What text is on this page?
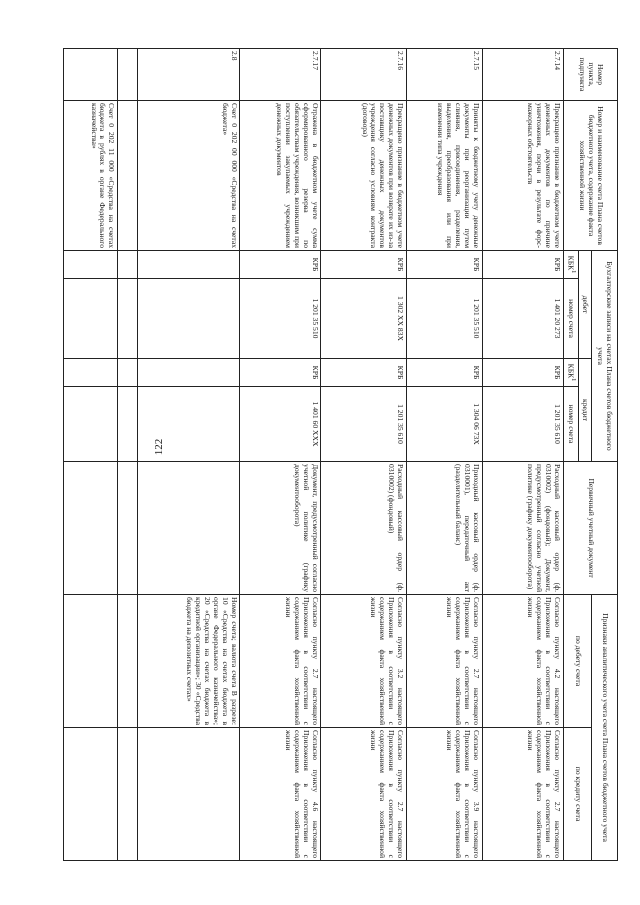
122
Номер пункта, подпункта	Номер и наименование счета Плана счетов бюджетного учета, содержание факта хозяйственной жизни	Бухгалтерские записи на счетах Плана счетов бюджетного учета				Первичный учетный документ	Признаки аналитического учета счета Плана счетов бюджетного учета	
		дебет		кредит			по дебету счета	по кредиту счета
		КБК$^1$	номер счета	КБК$^1$	номер счета			
2.7.14	Прекращено признание в бюджетном учете денежных документов по причине уничтожения, порчи в результате форс-мажорных обстоятельств	КРБ	1 401 20 273	КРБ	1 201 35 610	Расходный кассовый ордер (ф. 0310002) (фондовый); Документ, предусмотренный согласно учетной политике (графику документооборота)	Согласно пункту 4.2 настоящего Приложения в соответствии с содержанием факта хозяйственной жизни	Согласно пункту 2.7 настоящего Приложения в соответствии с содержанием факта хозяйственной жизни
2.7.15	Приняты к бюджетному учету денежные документы при реорганизации путем слияния, присоединения, разделения, выделения, преобразования или при изменении типа учреждения	КРБ	1 201 35 510	КРБ	1 304 06 73X	Приходный кассовый ордер (ф. 0310001), передаточный акт (разделительный баланс)	Согласно пункту 2.7 настоящего Приложения в соответствии с содержанием факта хозяйственной жизни	Согласно пункту 3.9 настоящего Приложения в соответствии с содержанием факта хозяйственной жизни
2.7.16	Прекращено признание в бюджетном учете денежных документов при возврате их из-за поставщику денежных документов учреждения согласно условиям контракта (договора)	КРБ	1 302 XX 83X	КРБ	1 201 35 610	Расходный кассовый ордер (ф. 0310002) (фондовый)	Согласно пункту 3.2 настоящего Приложения в соответствии с содержанием факта хозяйственной жизни	Согласно пункту 2.7 настоящего Приложения в соответствии с содержанием факта хозяйственной жизни
2.7.17	Отражена в бюджетном учете сумма сформированного резерва по обязательствам учреждения, возникшим при поступлении закупаемых учреждением денежных документов	КРБ	1 201 35 510	КРБ	1 401 60 XXX	Документ, предусмотренный согласно учетной политике (графику документооборота)	Согласно пункту 2.7 настоящего Приложения в соответствии с содержанием факта хозяйственной жизни	Согласно пункту 4.6 настоящего Приложения в соответствии с содержанием факта хозяйственной жизни
2.8	Счет 0 202 00 000 «Средства на счетах бюджета»						Номер счета; валюта счета В разрезе: 10 «Средства на счетах бюджета в органе Федерального казначейства»; 20 «Средства на счетах бюджета в кредитной организации»; 30 «Средства бюджета на депозитных счетах»	

	Счет 0 202 11 000 «Средства на счетах бюджета в рублях в органе Федерального казначейства»							
